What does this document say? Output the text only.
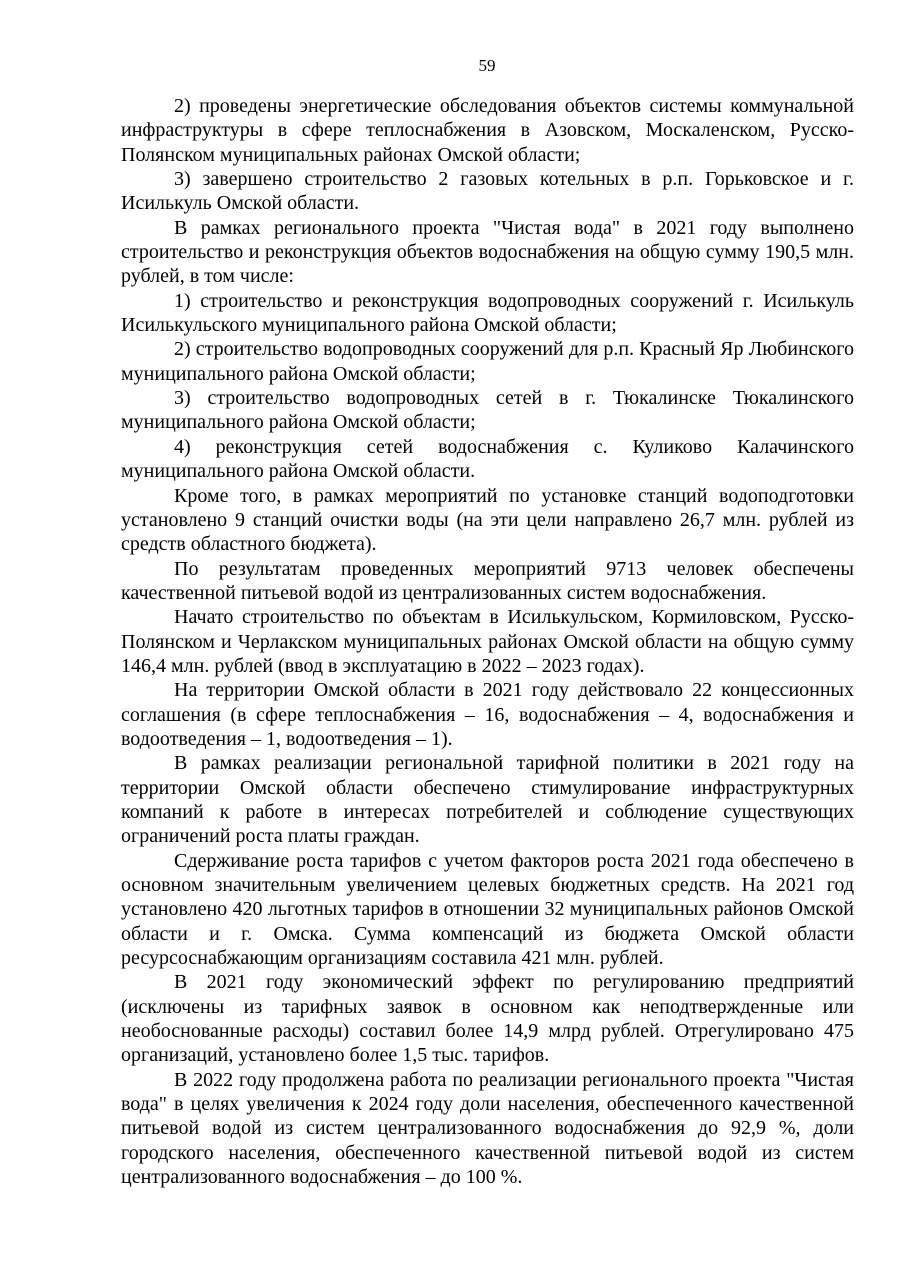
59

2) проведены энергетические обследования объектов системы коммунальной инфраструктуры в сфере теплоснабжения в Азовском, Москаленском, Русско-Полянском муниципальных районах Омской области;

3) завершено строительство 2 газовых котельных в р.п. Горьковское и г. Исилькуль Омской области.

В рамках регионального проекта "Чистая вода" в 2021 году выполнено строительство и реконструкция объектов водоснабжения на общую сумму 190,5 млн. рублей, в том числе:

1) строительство и реконструкция водопроводных сооружений г. Исилькуль Исилькульского муниципального района Омской области;

2) строительство водопроводных сооружений для р.п. Красный Яр Любинского муниципального района Омской области;

3) строительство водопроводных сетей в г. Тюкалинске Тюкалинского муниципального района Омской области;

4) реконструкция сетей водоснабжения с. Куликово Калачинского муниципального района Омской области.

Кроме того, в рамках мероприятий по установке станций водоподготовки установлено 9 станций очистки воды (на эти цели направлено 26,7 млн. рублей из средств областного бюджета).

По результатам проведенных мероприятий 9713 человек обеспечены качественной питьевой водой из централизованных систем водоснабжения.

Начато строительство по объектам в Исилькульском, Кормиловском, Русско-Полянском и Черлакском муниципальных районах Омской области на общую сумму 146,4 млн. рублей (ввод в эксплуатацию в 2022 – 2023 годах).

На территории Омской области в 2021 году действовало 22 концессионных соглашения (в сфере теплоснабжения – 16, водоснабжения – 4, водоснабжения и водоотведения – 1, водоотведения – 1).

В рамках реализации региональной тарифной политики в 2021 году на территории Омской области обеспечено стимулирование инфраструктурных компаний к работе в интересах потребителей и соблюдение существующих ограничений роста платы граждан.

Сдерживание роста тарифов с учетом факторов роста 2021 года обеспечено в основном значительным увеличением целевых бюджетных средств. На 2021 год установлено 420 льготных тарифов в отношении 32 муниципальных районов Омской области и г. Омска. Сумма компенсаций из бюджета Омской области ресурсоснабжающим организациям составила 421 млн. рублей.

В 2021 году экономический эффект по регулированию предприятий (исключены из тарифных заявок в основном как неподтвержденные или необоснованные расходы) составил более 14,9 млрд рублей. Отрегулировано 475 организаций, установлено более 1,5 тыс. тарифов.

В 2022 году продолжена работа по реализации регионального проекта "Чистая вода" в целях увеличения к 2024 году доли населения, обеспеченного качественной питьевой водой из систем централизованного водоснабжения до 92,9 %, доли городского населения, обеспеченного качественной питьевой водой из систем централизованного водоснабжения – до 100 %.
